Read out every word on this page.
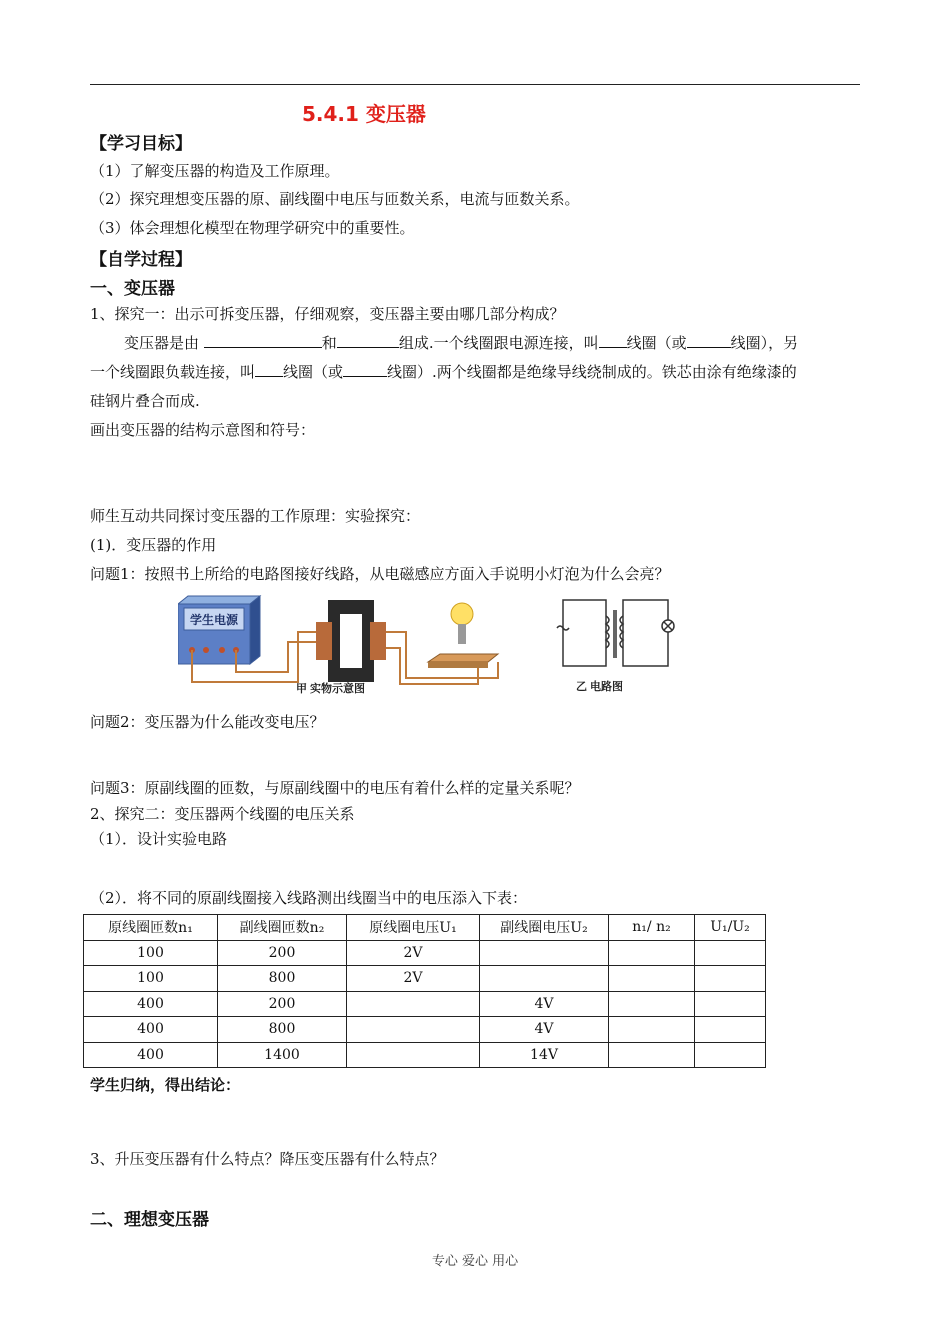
5.4.1 变压器
【学习目标】
（1）了解变压器的构造及工作原理。
（2）探究理想变压器的原、副线圈中电压与匝数关系，电流与匝数关系。
（3）体会理想化模型在物理学研究中的重要性。
【自学过程】
一、变压器
1、探究一：出示可拆变压器，仔细观察，变压器主要由哪几部分构成？
变压器是由	和	组成.一个线圈跟电源连接，叫 线圈（或	线圈），另
一个线圈跟负载连接，叫 线圈（或	线圈）.两个线圈都是绝缘导线绕制成的。铁芯由涂有绝缘漆的
硅钢片叠合而成.
画出变压器的结构示意图和符号：
师生互动共同探讨变压器的工作原理：实验探究：
(1)．变压器的作用
问题1：按照书上所给的电路图接好线路，从电磁感应方面入手说明小灯泡为什么会亮？
学生电源
甲 实物示意图	乙 电路图
问题2：变压器为什么能改变电压？
问题3：原副线圈的匝数，与原副线圈中的电压有着什么样的定量关系呢？
2、探究二：变压器两个线圈的电压关系
（1）．设计实验电路
（2）．将不同的原副线圈接入线路测出线圈当中的电压添入下表：
原线圈匝数n₁	副线圈匝数n₂	原线圈电压U₁	副线圈电压U₂	n₁/ n₂	U₁/U₂
100	200	2V			
100	800	2V			
400	200		4V		
400	800		4V		
400	1400		14V		
学生归纳，得出结论：
3、升压变压器有什么特点？降压变压器有什么特点？
二、理想变压器
专心 爱心 用心
